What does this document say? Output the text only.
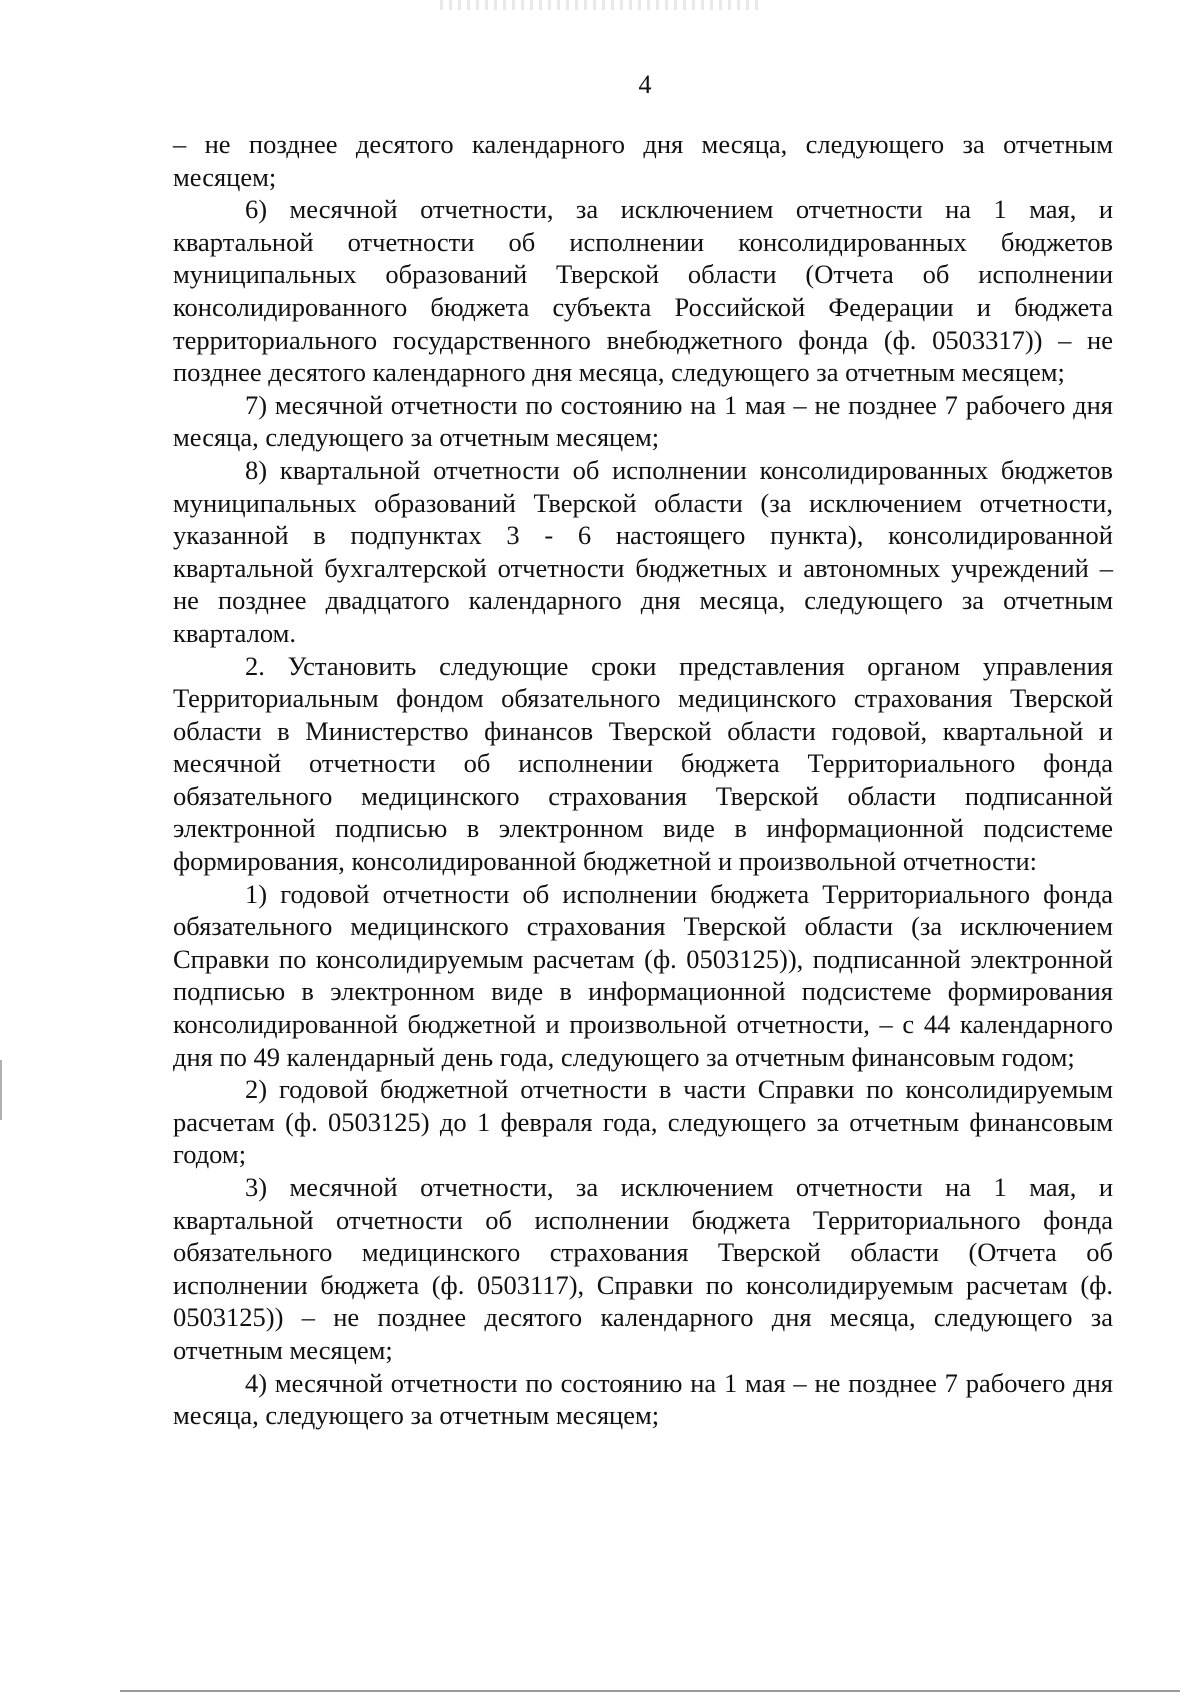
4

– не позднее десятого календарного дня месяца, следующего за отчетным месяцем;

6) месячной отчетности, за исключением отчетности на 1 мая, и квартальной отчетности об исполнении консолидированных бюджетов муниципальных образований Тверской области (Отчета об исполнении консолидированного бюджета субъекта Российской Федерации и бюджета территориального государственного внебюджетного фонда (ф. 0503317)) – не позднее десятого календарного дня месяца, следующего за отчетным месяцем;

7) месячной отчетности по состоянию на 1 мая – не позднее 7 рабочего дня месяца, следующего за отчетным месяцем;

8) квартальной отчетности об исполнении консолидированных бюджетов муниципальных образований Тверской области (за исключением отчетности, указанной в подпунктах 3 - 6 настоящего пункта), консолидированной квартальной бухгалтерской отчетности бюджетных и автономных учреждений – не позднее двадцатого календарного дня месяца, следующего за отчетным кварталом.

2. Установить следующие сроки представления органом управления Территориальным фондом обязательного медицинского страхования Тверской области в Министерство финансов Тверской области годовой, квартальной и месячной отчетности об исполнении бюджета Территориального фонда обязательного медицинского страхования Тверской области подписанной электронной подписью в электронном виде в информационной подсистеме формирования, консолидированной бюджетной и произвольной отчетности:

1) годовой отчетности об исполнении бюджета Территориального фонда обязательного медицинского страхования Тверской области (за исключением Справки по консолидируемым расчетам (ф. 0503125)), подписанной электронной подписью в электронном виде в информационной подсистеме формирования консолидированной бюджетной и произвольной отчетности, – с 44 календарного дня по 49 календарный день года, следующего за отчетным финансовым годом;

2) годовой бюджетной отчетности в части Справки по консолидируемым расчетам (ф. 0503125) до 1 февраля года, следующего за отчетным финансовым годом;

3) месячной отчетности, за исключением отчетности на 1 мая, и квартальной отчетности об исполнении бюджета Территориального фонда обязательного медицинского страхования Тверской области (Отчета об исполнении бюджета (ф. 0503117), Справки по консолидируемым расчетам (ф. 0503125)) – не позднее десятого календарного дня месяца, следующего за отчетным месяцем;

4) месячной отчетности по состоянию на 1 мая – не позднее 7 рабочего дня месяца, следующего за отчетным месяцем;
